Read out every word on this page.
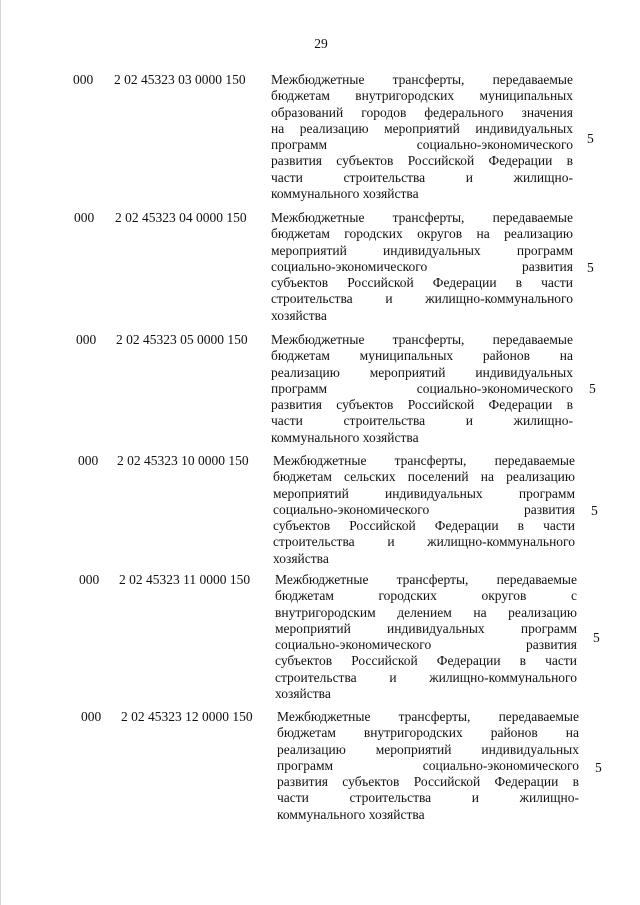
29
000 2 02 45323 03 0000 150 Межбюджетные трансферты, передаваемые
бюджетам внутригородских муниципальных
образований городов федерального значения
на реализацию мероприятий индивидуальных
программ социально-экономического
развития субъектов Российской Федерации в
части строительства и жилищно-
коммунального хозяйства
5
000 2 02 45323 04 0000 150 Межбюджетные трансферты, передаваемые
бюджетам городских округов на реализацию
мероприятий индивидуальных программ
социально-экономического развития
субъектов Российской Федерации в части
строительства и жилищно-коммунального
хозяйства
5
000 2 02 45323 05 0000 150 Межбюджетные трансферты, передаваемые
бюджетам муниципальных районов на
реализацию мероприятий индивидуальных
программ социально-экономического
развития субъектов Российской Федерации в
части строительства и жилищно-
коммунального хозяйства
5
000 2 02 45323 10 0000 150 Межбюджетные трансферты, передаваемые
бюджетам сельских поселений на реализацию
мероприятий индивидуальных программ
социально-экономического развития
субъектов Российской Федерации в части
строительства и жилищно-коммунального
хозяйства
5
000 2 02 45323 11 0000 150 Межбюджетные трансферты, передаваемые
бюджетам городских округов с
внутригородским делением на реализацию
мероприятий индивидуальных программ
социально-экономического развития
субъектов Российской Федерации в части
строительства и жилищно-коммунального
хозяйства
5
000 2 02 45323 12 0000 150 Межбюджетные трансферты, передаваемые
бюджетам внутригородских районов на
реализацию мероприятий индивидуальных
программ социально-экономического
развития субъектов Российской Федерации в
части строительства и жилищно-
коммунального хозяйства
5
